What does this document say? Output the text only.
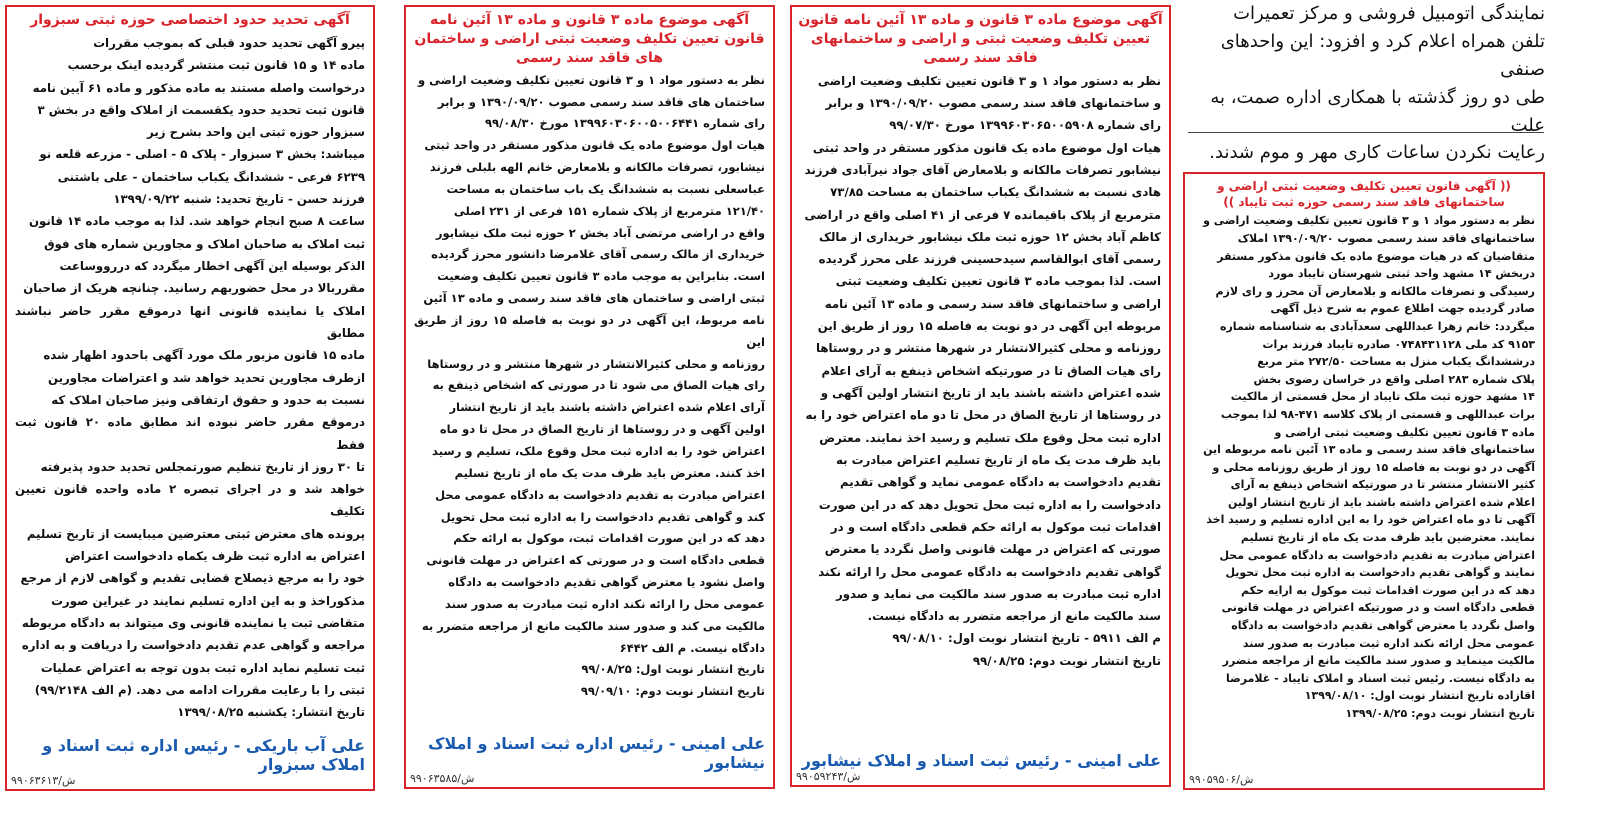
نمایندگی اتومبیل فروشی و مرکز تعمیرات
تلفن همراه اعلام کرد و افزود: این واحدهای صنفی
طی دو روز گذشته با همکاری اداره صمت، به علت
رعایت نکردن ساعات کاری مهر و موم شدند.
آگهی تحدید حدود اختصاصی حوزه ثبتی سبزوار
پیرو آگهی تحدید حدود قبلی که بموجب مقررات
ماده ۱۴ و ۱۵ قانون ثبت منتشر گردیده اینک برحسب
درخواست واصله مستند به ماده مذکور و ماده ۶۱ آیین نامه
قانون ثبت تحدید حدود یکقسمت از املاک واقع در بخش ۳
سبزوار حوزه ثبتی این واحد بشرح زیر
میباشد: بخش ۳ سبزوار - پلاک ۵ - اصلی - مزرعه قلعه نو
۶۲۳۹ فرعی - ششدانگ یکباب ساختمان - علی باشتنی
فرزند حسن - تاریخ تحدید: شنبه ۱۳۹۹/۰۹/۲۲
ساعت ۸ صبح انجام خواهد شد. لذا به موجب ماده ۱۴ قانون
ثبت املاک به صاحبان املاک و مجاورین شماره های فوق
الذکر بوسیله این آگهی اخطار میگردد که دررووساعت
مقرربالا در محل حضوربهم رسانید. چنانچه هریک از صاحبان
املاک یا نماینده قانونی انها درموقع مقرر حاضر نباشند مطابق
ماده ۱۵ قانون مزبور ملک مورد آگهی باحدود اظهار شده
ازطرف مجاورین تحدید خواهد شد و اعتراضات مجاورین
نسبت به حدود و حقوق ارتفاقی ونیز صاحبان املاک که
درموقع مقرر حاضر نبوده اند مطابق ماده ۲۰ قانون ثبت فقط
تا ۳۰ روز از تاریخ تنظیم صورتمجلس تحدید حدود پذیرفته
خواهد شد و در اجرای تبصره ۲ ماده واحده قانون تعیین تکلیف
پرونده های معترض ثبتی معترضین میبایست از تاریخ تسلیم
اعتراض به اداره ثبت ظرف یکماه دادخواست اعتراض
خود را به مرجع ذیصلاح قضایی تقدیم و گواهی لازم از مرجع
مذکوراخذ و به این اداره تسلیم نمایند در غیراین صورت
متقاضی ثبت یا نماینده قانونی وی میتواند به دادگاه مربوطه
مراجعه و گواهی عدم تقدیم دادخواست را دریافت و به اداره
ثبت تسلیم نماید اداره ثبت بدون توجه به اعتراض عملیات
ثبتی را با رعایت مقررات ادامه می دهد. (م الف ۹۹/۲۱۴۸)
تاریخ انتشار: یکشنبه ۱۳۹۹/۰۸/۲۵
علی آب باریکی - رئیس اداره ثبت اسناد و املاک سبزوار
ش/۹۹۰۶۳۶۱۳
آگهی موضوع ماده ۳ قانون و ماده ۱۳ آئین نامه قانون تعیین تکلیف وضعیت ثبتی اراضی و ساختمان های فاقد سند رسمی
نظر به دستور مواد ۱ و ۳ قانون تعیین تکلیف وضعیت اراضی و
ساختمان های فاقد سند رسمی مصوب ۱۳۹۰/۰۹/۲۰ و برابر
رای شماره ۱۳۹۹۶۰۳۰۶۰۰۵۰۰۶۴۴۱ مورخ ۹۹/۰۸/۳۰
هیات اول موضوع ماده یک قانون مذکور مستقر در واحد ثبتی
نیشابور، تصرفات مالکانه و بلامعارض خانم الهه بلبلی فرزند
عباسعلی نسبت به ششدانگ یک باب ساختمان به مساحت
۱۲۱/۴۰ مترمربع از پلاک شماره ۱۵۱ فرعی از ۲۳۱ اصلی
واقع در اراضی مرتضی آباد بخش ۲ حوزه ثبت ملک نیشابور
خریداری از مالک رسمی آقای غلامرضا دانشور محرز گردیده
است. بنابراین به موجب ماده ۳ قانون تعیین تکلیف وضعیت
ثبتی اراضی و ساختمان های فاقد سند رسمی و ماده ۱۳ آئین
نامه مربوط، این آگهی در دو نوبت به فاصله ۱۵ روز از طریق این
روزنامه و محلی کثیرالانتشار در شهرها منتشر و در روستاها
رای هیات الصاق می شود تا در صورتی که اشخاص ذینفع به
آرای اعلام شده اعتراض داشته باشند باید از تاریخ انتشار
اولین آگهی و در روستاها از تاریخ الصاق در محل تا دو ماه
اعتراض خود را به اداره ثبت محل وقوع ملک، تسلیم و رسید
اخذ کنند. معترض باید ظرف مدت یک ماه از تاریخ تسلیم
اعتراض مبادرت به تقدیم دادخواست به دادگاه عمومی محل
کند و گواهی تقدیم دادخواست را به اداره ثبت محل تحویل
دهد که در این صورت اقدامات ثبت، موکول به ارائه حکم
قطعی دادگاه است و در صورتی که اعتراض در مهلت قانونی
واصل نشود یا معترض گواهی تقدیم دادخواست به دادگاه
عمومی محل را ارائه نکند اداره ثبت مبادرت به صدور سند
مالکیت می کند و صدور سند مالکیت مانع از مراجعه متضرر به
دادگاه نیست. م الف ۶۴۴۲
تاریخ انتشار نوبت اول: ۹۹/۰۸/۲۵
تاریخ انتشار نوبت دوم: ۹۹/۰۹/۱۰
علی امینی - رئیس اداره ثبت اسناد و املاک نیشابور
ش/۹۹۰۶۳۵۸۵
آگهی موضوع ماده ۳ قانون و ماده ۱۳ آئین نامه قانون تعیین تکلیف وضعیت ثبتی و اراضی و ساختمانهای فاقد سند رسمی
نظر به دستور مواد ۱ و ۳ قانون تعیین تکلیف وضعیت اراضی
و ساختمانهای فاقد سند رسمی مصوب ۱۳۹۰/۰۹/۲۰ و برابر
رای شماره ۱۳۹۹۶۰۳۰۶۵۰۰۵۹۰۸ مورخ ۹۹/۰۷/۳۰
هیات اول موضوع ماده یک قانون مذکور مستقر در واحد ثبتی
نیشابور تصرفات مالکانه و بلامعارض آقای جواد نیرآبادی فرزند
هادی نسبت به ششدانگ یکباب ساختمان به مساحت ۷۳/۸۵
مترمربع از پلاک باقیمانده ۷ فرعی از ۴۱ اصلی واقع در اراضی
کاظم آباد بخش ۱۲ حوزه ثبت ملک نیشابور خریداری از مالک
رسمی آقای ابوالقاسم سیدحسینی فرزند علی محرز گردیده
است. لذا بموجب ماده ۳ قانون تعیین تکلیف وضعیت ثبتی
اراضی و ساختمانهای فاقد سند رسمی و ماده ۱۳ آئین نامه
مربوطه این آگهی در دو نوبت به فاصله ۱۵ روز از طریق این
روزنامه و محلی کثیرالانتشار در شهرها منتشر و در روستاها
رای هیات الصاق تا در صورتیکه اشخاص ذینفع به آرای اعلام
شده اعتراض داشته باشند باید از تاریخ انتشار اولین آگهی و
در روستاها از تاریخ الصاق در محل تا دو ماه اعتراض خود را به
اداره ثبت محل وقوع ملک تسلیم و رسید اخذ نمایند. معترض
باید ظرف مدت یک ماه از تاریخ تسلیم اعتراض مبادرت به
تقدیم دادخواست به دادگاه عمومی نماید و گواهی تقدیم
دادخواست را به اداره ثبت محل تحویل دهد که در این صورت
اقدامات ثبت موکول به ارائه حکم قطعی دادگاه است و در
صورتی که اعتراض در مهلت قانونی واصل نگردد یا معترض
گواهی تقدیم دادخواست به دادگاه عمومی محل را ارائه نکند
اداره ثبت مبادرت به صدور سند مالکیت می نماید و صدور
سند مالکیت مانع از مراجعه متضرر به دادگاه نیست.
م الف ۵۹۱۱ - تاریخ انتشار نوبت اول: ۹۹/۰۸/۱۰
تاریخ انتشار نوبت دوم: ۹۹/۰۸/۲۵
علی امینی - رئیس ثبت اسناد و املاک نیشابور
ش/۹۹۰۵۹۲۴۳
(( آگهی قانون تعیین تکلیف وضعیت ثبتی اراضی و ساختمانهای فاقد سند رسمی حوزه ثبت تایباد ))
نظر به دستور مواد ۱ و ۳ قانون تعیین تکلیف وضعیت اراضی و
ساختمانهای فاقد سند رسمی مصوب ۱۳۹۰/۰۹/۲۰ املاک
متقاضیان که در هیات موضوع ماده یک قانون مذکور مستقر
دربخش ۱۴ مشهد واحد ثبتی شهرستان تایباد مورد
رسیدگی و تصرفات مالکانه و بلامعارض آن محرز و رای لازم
صادر گردیده جهت اطلاع عموم به شرح ذیل آگهی
میگردد: خانم زهرا عبداللهی سعدآبادی به شناسنامه شماره
۹۱۵۳ کد ملی ۰۷۴۸۴۳۱۱۲۸ صادره تایباد فرزند برات
درششدانگ یکباب منزل به مساحت ۲۷۲/۵۰ متر مربع
پلاک شماره ۲۸۳ اصلی واقع در خراسان رضوی بخش
۱۴ مشهد حوزه ثبت ملک تایباد از محل قسمتی از مالکیت
برات عبداللهی و قسمتی از پلاک کلاسه ۴۷۱-۹۸ لذا بموجب
ماده ۳ قانون تعیین تکلیف وضعیت ثبتی اراضی و
ساختمانهای فاقد سند رسمی و ماده ۱۳ آئین نامه مربوطه این
آگهی در دو نوبت به فاصله ۱۵ روز از طریق روزنامه محلی و
کثیر الانتشار منتشر تا در صورتیکه اشخاص ذینفع به آرای
اعلام شده اعتراض داشته باشند باید از تاریخ انتشار اولین
آگهی تا دو ماه اعتراض خود را به این اداره تسلیم و رسید اخذ
نمایند. معترضین باید ظرف مدت یک ماه از تاریخ تسلیم
اعتراض مبادرت به تقدیم دادخواست به دادگاه عمومی محل
نمایند و گواهی تقدیم دادخواست به اداره ثبت محل تحویل
دهد که در این صورت اقدامات ثبت موکول به ارایه حکم
قطعی دادگاه است و در صورتیکه اعتراض در مهلت قانونی
واصل نگردد یا معترض گواهی تقدیم دادخواست به دادگاه
عمومی محل ارائه نکند اداره ثبت مبادرت به صدور سند
مالکیت مینماید و صدور سند مالکیت مانع از مراجعه متضرر
به دادگاه نیست. رئیس ثبت اسناد و املاک تایباد - غلامرضا
اقازاده تاریخ انتشار نوبت اول: ۱۳۹۹/۰۸/۱۰
تاریخ انتشار نوبت دوم: ۱۳۹۹/۰۸/۲۵
ش/۹۹۰۵۹۵۰۶
